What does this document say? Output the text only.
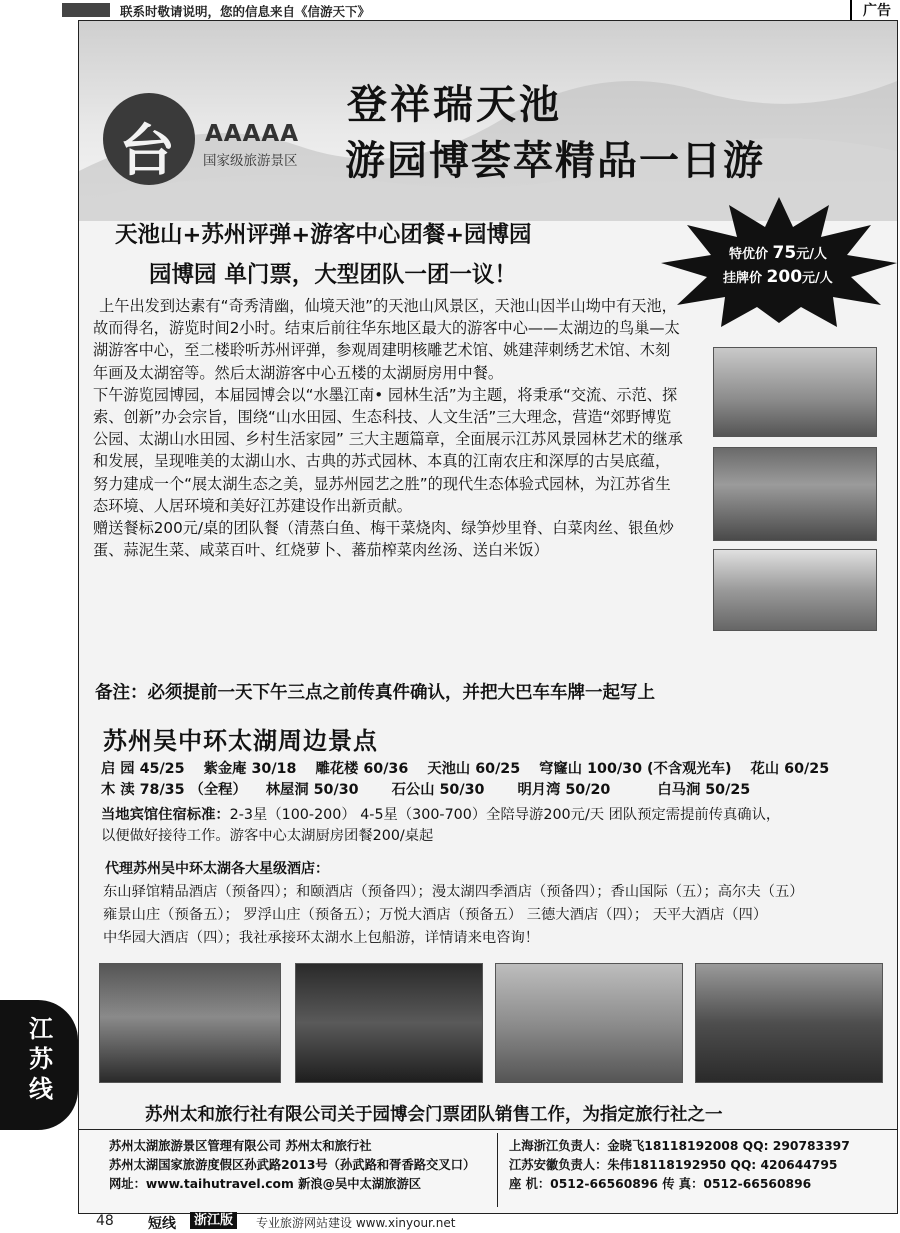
联系时敬请说明，您的信息来自《信游天下》	广告
台 AAAAA
国家级旅游景区
登祥瑞天池
游园博荟萃精品一日游
天池山+苏州评弹+游客中心团餐+园博园
园博园 单门票，大型团队一团一议！
特优价 75元/人
挂牌价 200元/人

上午出发到达素有“奇秀清幽，仙境天池”的天池山风景区，天池山因半山坳中有天池，故而得名，游览时间2小时。结束后前往华东地区最大的游客中心——太湖边的鸟巢—太湖游客中心，至二楼聆听苏州评弹，参观周建明核雕艺术馆、姚建萍刺绣艺术馆、木刻年画及太湖窑等。然后太湖游客中心五楼的太湖厨房用中餐。

下午游览园博园，本届园博会以“水墨江南• 园林生活”为主题，将秉承“交流、示范、探索、创新”办会宗旨，围绕“山水田园、生态科技、人文生活”三大理念，营造“郊野博览公园、太湖山水田园、乡村生活家园” 三大主题篇章，全面展示江苏风景园林艺术的继承和发展，呈现唯美的太湖山水、古典的苏式园林、本真的江南农庄和深厚的古吴底蕴，努力建成一个“展太湖生态之美，显苏州园艺之胜”的现代生态体验式园林，为江苏省生态环境、人居环境和美好江苏建设作出新贡献。

赠送餐标200元/桌的团队餐（清蒸白鱼、梅干菜烧肉、绿笋炒里脊、白菜肉丝、银鱼炒蛋、蒜泥生菜、咸菜百叶、红烧萝卜、蕃茄榨菜肉丝汤、送白米饭）

备注：必须提前一天下午三点之前传真件确认，并把大巴车车牌一起写上
苏州吴中环太湖周边景点
启 园 45/25 紫金庵 30/18 雕花楼 60/36 天池山 60/25 穹窿山 100/30 (不含观光车) 花山 60/25
木 渎 78/35 （全程） 林屋洞 50/30 石公山 50/30 明月湾 50/20	白马涧 50/25
当地宾馆住宿标准：2-3星（100-200） 4-5星（300-700）全陪导游200元/天 团队预定需提前传真确认，
以便做好接待工作。游客中心太湖厨房团餐200/桌起
代理苏州吴中环太湖各大星级酒店：
东山驿馆精品酒店（预备四）；和颐酒店（预备四）；漫太湖四季酒店（预备四）；香山国际（五）；高尔夫（五）
雍景山庄（预备五）； 罗浮山庄（预备五）；万悦大酒店（预备五） 三德大酒店（四）； 天平大酒店（四）
中华园大酒店（四）；我社承接环太湖水上包船游，详情请来电咨询！
苏州太和旅行社有限公司关于园博会门票团队销售工作，为指定旅行社之一
苏州太湖旅游景区管理有限公司 苏州太和旅行社
苏州太湖国家旅游度假区孙武路2013号（孙武路和胥香路交叉口）
网址：www.taihutravel.com 新浪@吴中太湖旅游区
上海浙江负责人：金晓飞18118192008 QQ: 290783397
江苏安徽负责人：朱伟18118192950 QQ: 420644795
座 机：0512-66560896 传 真：0512-66560896
江苏线
48 短线	浙江版	专业旅游网站建设 www.xinyour.net
